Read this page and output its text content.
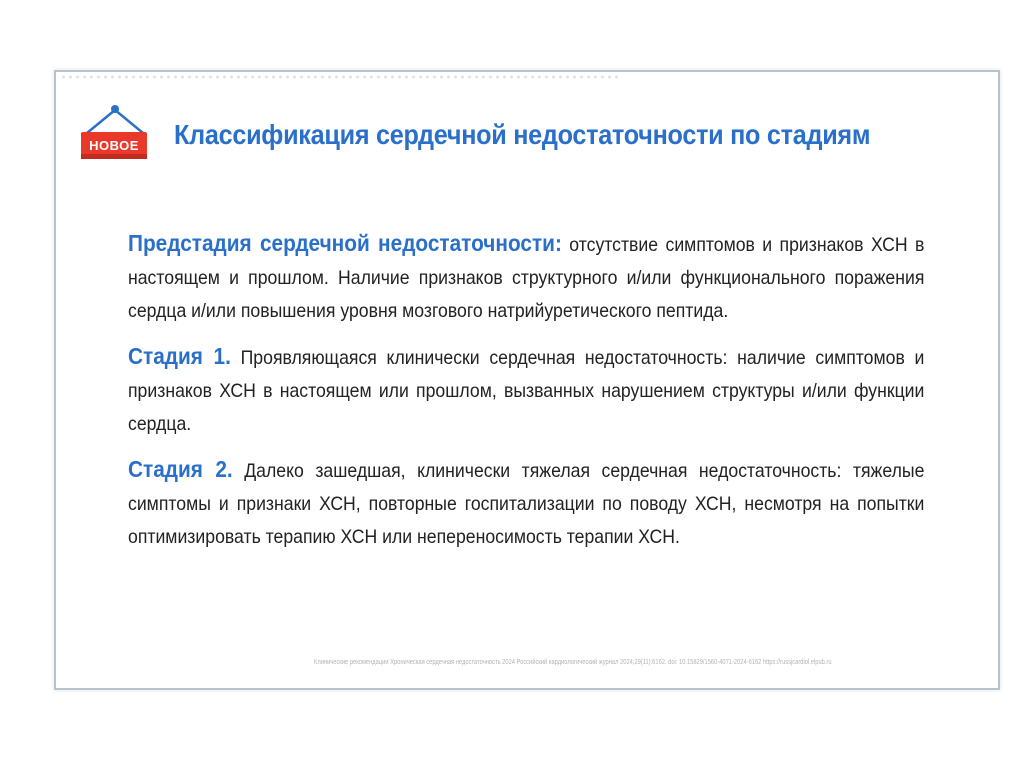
НОВОЕ Классификация сердечной недостаточности по стадиям

Предстадия сердечной недостаточности: отсутствие симптомов и признаков ХСН в настоящем и прошлом. Наличие признаков структурного и/или функционального поражения сердца и/или повышения уровня мозгового натрийуретического пептида.

Стадия 1. Проявляющаяся клинически сердечная недостаточность: наличие симптомов и признаков ХСН в настоящем или прошлом, вызванных нарушением структуры и/или функции сердца.

Стадия 2. Далеко зашедшая, клинически тяжелая сердечная недостаточность: тяжелые симптомы и признаки ХСН, повторные госпитализации по поводу ХСН, несмотря на попытки оптимизировать терапию ХСН или непереносимость терапии ХСН.

Клинические рекомендации Хроническая сердечная недостаточность 2024 Российский кардиологический журнал 2024;29(11):6162. doi: 10.15829/1560-4071-2024-6162 https://russjcardiol.elpub.ru
